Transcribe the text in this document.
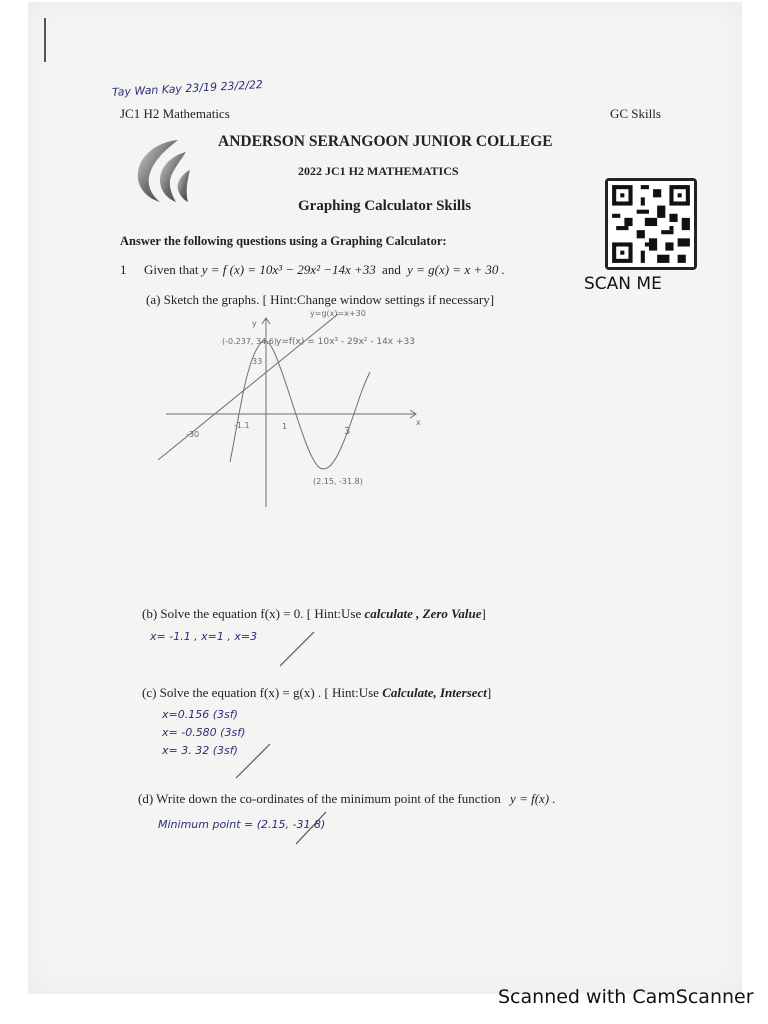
Tay Wan Kay 23/19 23/2/22
JC1 H2 Mathematics	GC Skills
ANDERSON SERANGOON JUNIOR COLLEGE
2022 JC1 H2 MATHEMATICS
Graphing Calculator Skills
SCAN ME
Answer the following questions using a Graphing Calculator:
1 Given that y = f (x) = 10x³ − 29x² −14x +33 and y = g(x) = x + 30 .
(a) Sketch the graphs. [ Hint:Change window settings if necessary]
y=g(x)=x+30
y=f(x) = 10x³ - 29x² - 14x +33
(-0.237, 34.6)
y
x
33
-30
-1.1	1	3
(2.15, -31.8)
(b) Solve the equation f(x) = 0. [ Hint:Use calculate , Zero Value]
x= -1.1 , x=1 , x=3
(c) Solve the equation f(x) = g(x) . [ Hint:Use Calculate, Intersect]
x=0.156 (3sf)
x= -0.580 (3sf)
x= 3. 32 (3sf)
(d) Write down the co-ordinates of the minimum point of the function y = f(x) .
Minimum point = (2.15, -31.8)
Scanned with CamScanner
